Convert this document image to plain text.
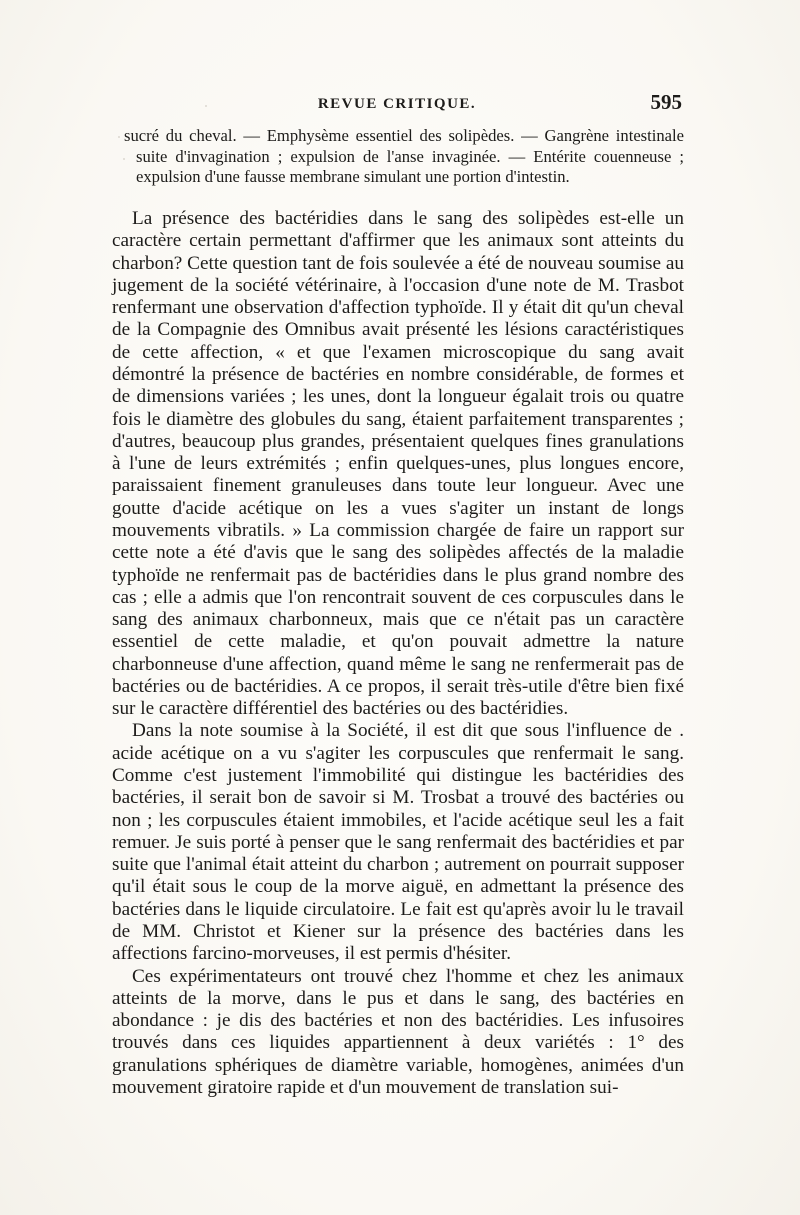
REVUE CRITIQUE.	595
sucré du cheval. — Emphysème essentiel des solipèdes. — Gangrène intestinale suite d'invagination ; expulsion de l'anse invaginée. — Entérite couenneuse ; expulsion d'une fausse membrane simulant une portion d'intestin.

La présence des bactéridies dans le sang des solipèdes est-elle un caractère certain permettant d'affirmer que les animaux sont atteints du charbon? Cette question tant de fois soulevée a été de nouveau soumise au jugement de la société vétérinaire, à l'occasion d'une note de M. Trasbot renfermant une observation d'affection typhoïde. Il y était dit qu'un cheval de la Compagnie des Omnibus avait présenté les lésions caractéristiques de cette affection, « et que l'examen microscopique du sang avait démontré la présence de bactéries en nombre considérable, de formes et de dimensions variées ; les unes, dont la longueur égalait trois ou quatre fois le diamètre des globules du sang, étaient parfaitement transparentes ; d'autres, beaucoup plus grandes, présentaient quelques fines granulations à l'une de leurs extrémités ; enfin quelques-unes, plus longues encore, paraissaient finement granuleuses dans toute leur longueur. Avec une goutte d'acide acétique on les a vues s'agiter un instant de longs mouvements vibratils. » La commission chargée de faire un rapport sur cette note a été d'avis que le sang des solipèdes affectés de la maladie typhoïde ne renfermait pas de bactéridies dans le plus grand nombre des cas ; elle a admis que l'on rencontrait souvent de ces corpuscules dans le sang des animaux charbonneux, mais que ce n'était pas un caractère essentiel de cette maladie, et qu'on pouvait admettre la nature charbonneuse d'une affection, quand même le sang ne renfermerait pas de bactéries ou de bactéridies. A ce propos, il serait très-utile d'être bien fixé sur le caractère différentiel des bactéries ou des bactéridies.

Dans la note soumise à la Société, il est dit que sous l'influence de . acide acétique on a vu s'agiter les corpuscules que renfermait le sang. Comme c'est justement l'immobilité qui distingue les bactéridies des bactéries, il serait bon de savoir si M. Trosbat a trouvé des bactéries ou non ; les corpuscules étaient immobiles, et l'acide acétique seul les a fait remuer. Je suis porté à penser que le sang renfermait des bactéridies et par suite que l'animal était atteint du charbon ; autrement on pourrait supposer qu'il était sous le coup de la morve aiguë, en admettant la présence des bactéries dans le liquide circulatoire. Le fait est qu'après avoir lu le travail de MM. Christot et Kiener sur la présence des bactéries dans les affections farcino-morveuses, il est permis d'hésiter.

Ces expérimentateurs ont trouvé chez l'homme et chez les animaux atteints de la morve, dans le pus et dans le sang, des bactéries en abondance : je dis des bactéries et non des bactéridies. Les infusoires trouvés dans ces liquides appartiennent à deux variétés : 1° des granulations sphériques de diamètre variable, homogènes, animées d'un mouvement giratoire rapide et d'un mouvement de translation sui-
